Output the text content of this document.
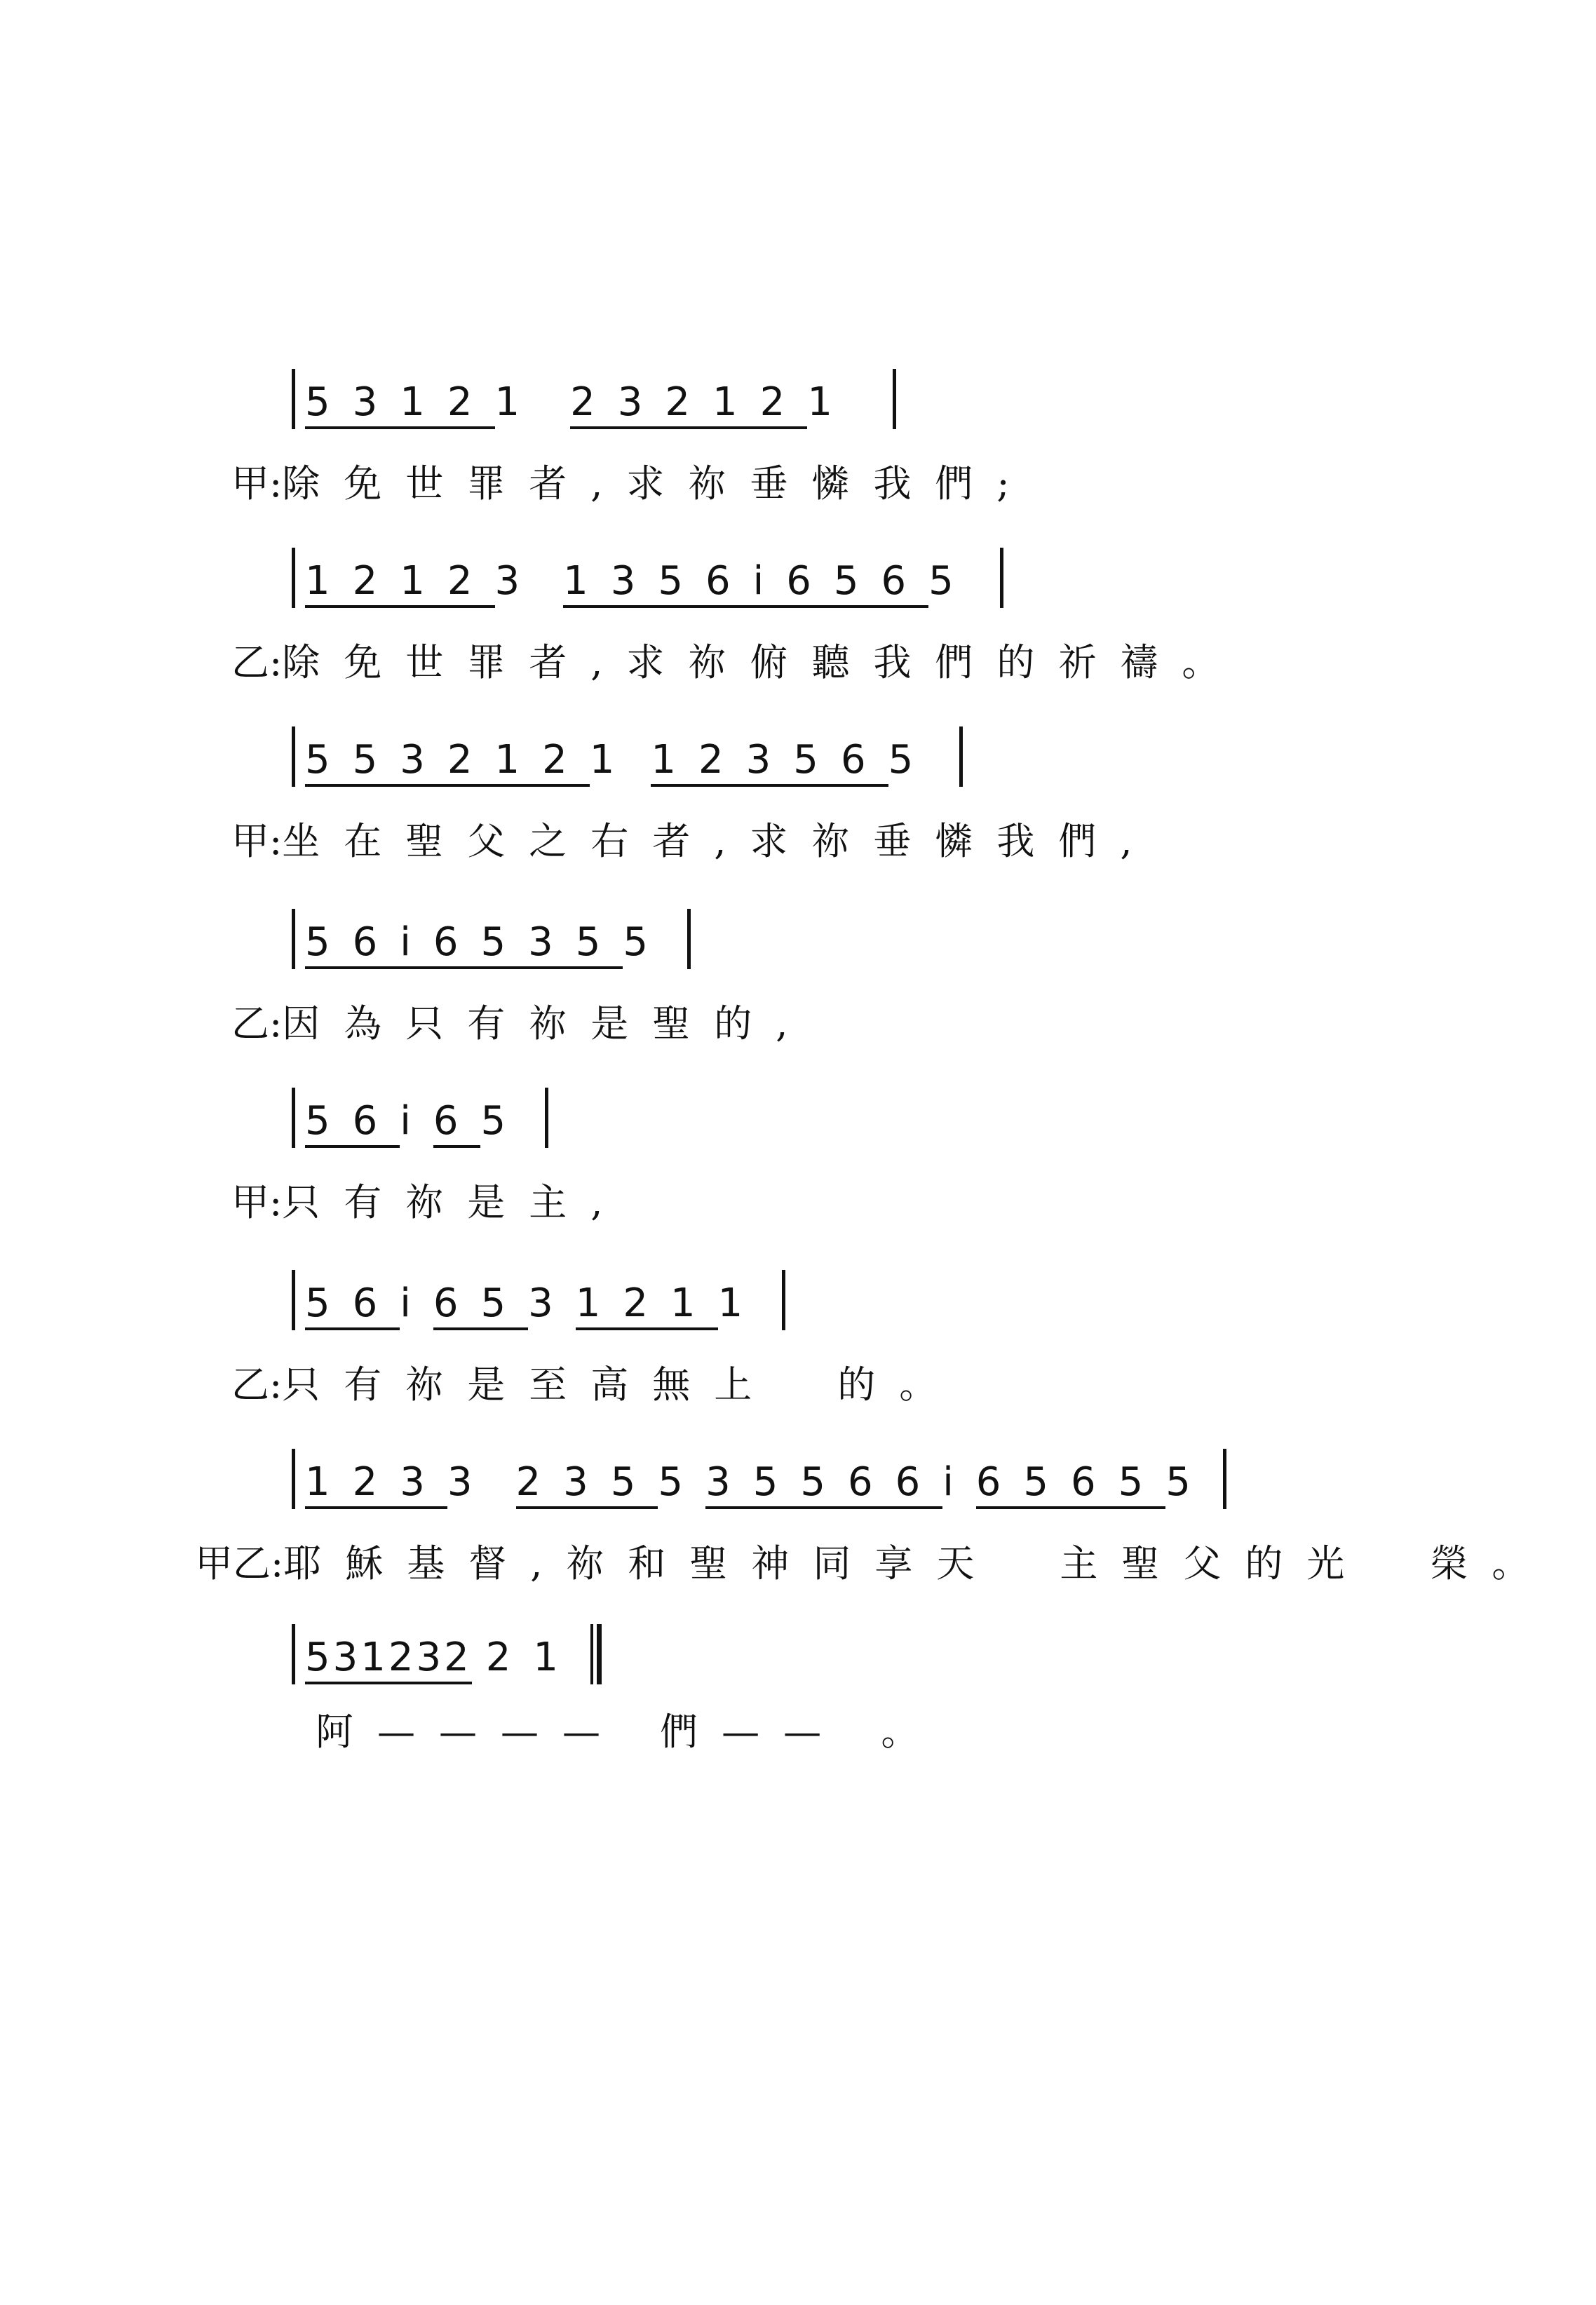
5312 1 23212 1
甲:除免世罪者,求祢垂憐我們;
1212 3 1356i656 5
乙:除免世罪者,求祢俯聽我們的祈禱。
553212 1 12356 5
甲:坐在聖父之右者,求祢垂憐我們,
56i6535 5
乙:因為只有祢是聖的,
56 i 6 5
甲:只有祢是主,
56 i 65 3 121 1
乙:只有祢是至高無上　的。
123 3 235 5 35566 i 6565 5
甲乙:耶穌基督,祢和聖神同享天　主聖父的光　榮。
531232 2 1
阿———— 們—— 。
